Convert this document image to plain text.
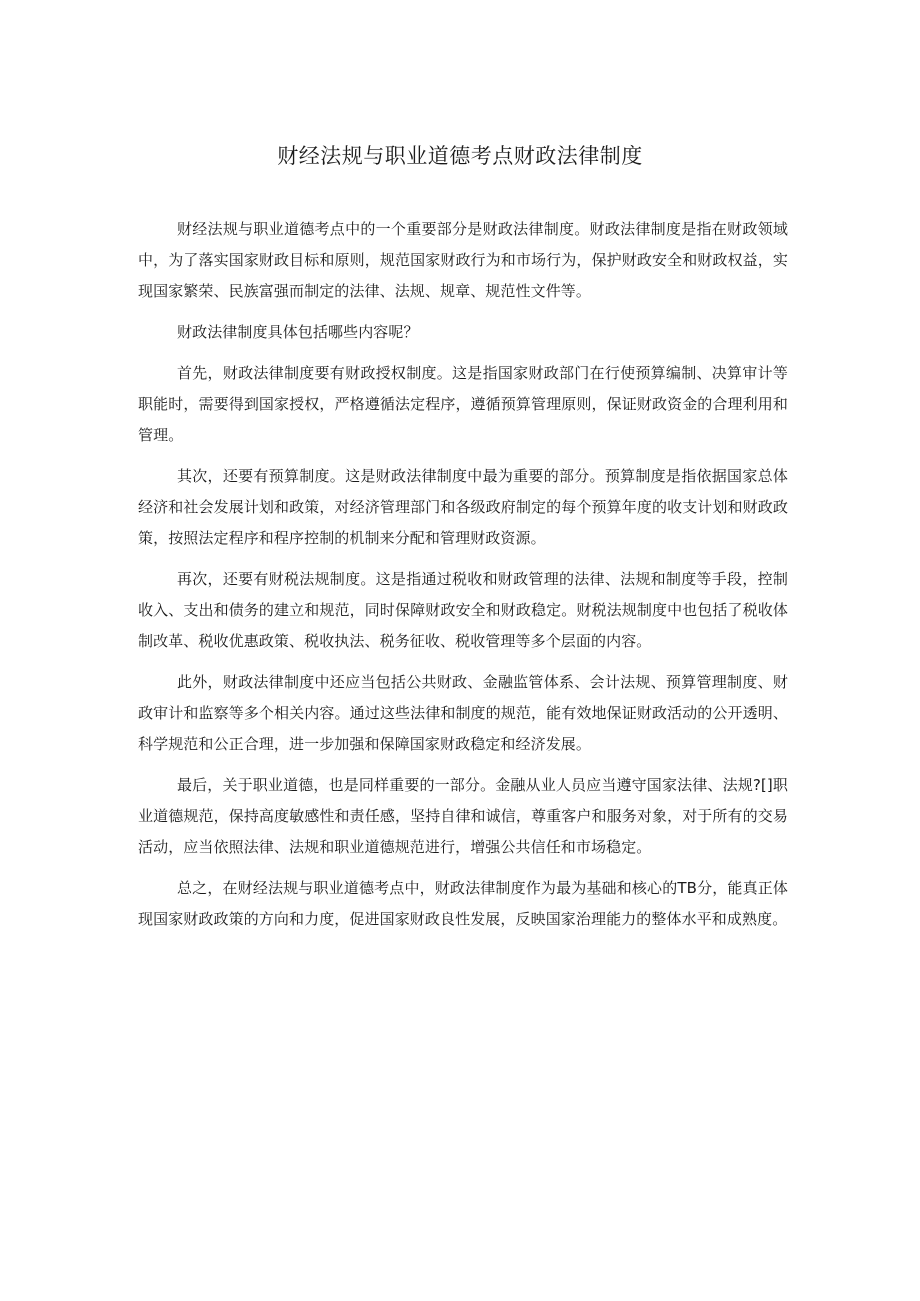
财经法规与职业道德考点财政法律制度

财经法规与职业道德考点中的一个重要部分是财政法律制度。财政法律制度是指在财政领域中，为了落实国家财政目标和原则，规范国家财政行为和市场行为，保护财政安全和财政权益，实现国家繁荣、民族富强而制定的法律、法规、规章、规范性文件等。

财政法律制度具体包括哪些内容呢？

首先，财政法律制度要有财政授权制度。这是指国家财政部门在行使预算编制、决算审计等职能时，需要得到国家授权，严格遵循法定程序，遵循预算管理原则，保证财政资金的合理利用和管理。

其次，还要有预算制度。这是财政法律制度中最为重要的部分。预算制度是指依据国家总体经济和社会发展计划和政策，对经济管理部门和各级政府制定的每个预算年度的收支计划和财政政策，按照法定程序和程序控制的机制来分配和管理财政资源。

再次，还要有财税法规制度。这是指通过税收和财政管理的法律、法规和制度等手段，控制收入、支出和债务的建立和规范，同时保障财政安全和财政稳定。财税法规制度中也包括了税收体制改革、税收优惠政策、税收执法、税务征收、税收管理等多个层面的内容。

此外，财政法律制度中还应当包括公共财政、金融监管体系、会计法规、预算管理制度、财政审计和监察等多个相关内容。通过这些法律和制度的规范，能有效地保证财政活动的公开透明、科学规范和公正合理，进一步加强和保障国家财政稳定和经济发展。

最后，关于职业道德，也是同样重要的一部分。金融从业人员应当遵守国家法律、法规?[]职业道德规范，保持高度敏感性和责任感，坚持自律和诚信，尊重客户和服务对象，对于所有的交易活动，应当依照法律、法规和职业道德规范进行，增强公共信任和市场稳定。

总之，在财经法规与职业道德考点中，财政法律制度作为最为基础和核心的TB分，能真正体现国家财政政策的方向和力度，促进国家财政良性发展，反映国家治理能力的整体水平和成熟度。
